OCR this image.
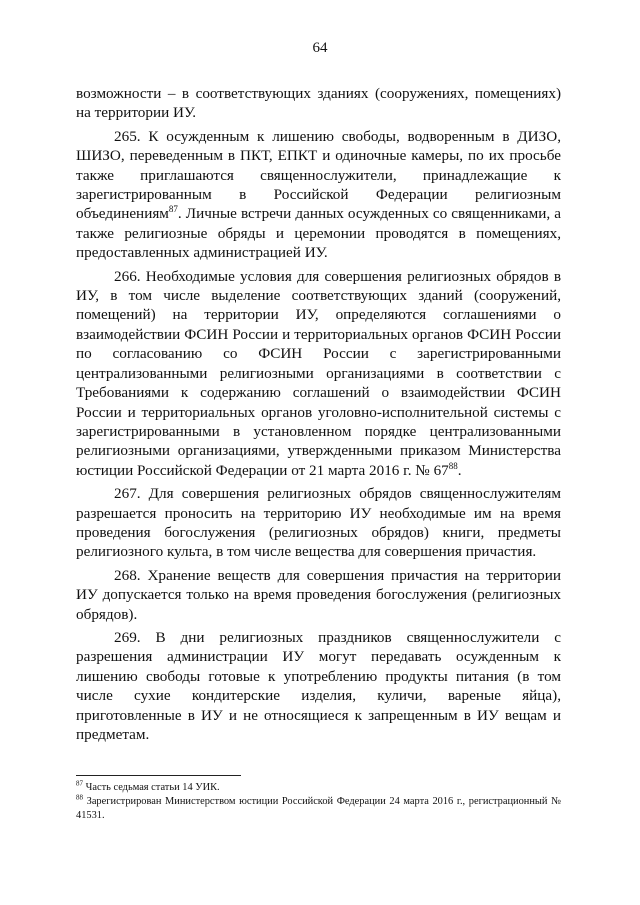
64

возможности – в соответствующих зданиях (сооружениях, помещениях) на территории ИУ.

265. К осужденным к лишению свободы, водворенным в ДИЗО, ШИЗО, переведенным в ПКТ, ЕПКТ и одиночные камеры, по их просьбе также приглашаются священнослужители, принадлежащие к зарегистрированным в Российской Федерации религиозным объединениям$^{87}$. Личные встречи данных осужденных со священниками, а также религиозные обряды и церемонии проводятся в помещениях, предоставленных администрацией ИУ.

266. Необходимые условия для совершения религиозных обрядов в ИУ, в том числе выделение соответствующих зданий (сооружений, помещений) на территории ИУ, определяются соглашениями о взаимодействии ФСИН России и территориальных органов ФСИН России по согласованию со ФСИН России с зарегистрированными централизованными религиозными организациями в соответствии с Требованиями к содержанию соглашений о взаимодействии ФСИН России и территориальных органов уголовно-исполнительной системы с зарегистрированными в установленном порядке централизованными религиозными организациями, утвержденными приказом Министерства юстиции Российской Федерации от 21 марта 2016 г. № $67^{88}$.

267. Для совершения религиозных обрядов священнослужителям разрешается проносить на территорию ИУ необходимые им на время проведения богослужения (религиозных обрядов) книги, предметы религиозного культа, в том числе вещества для совершения причастия.

268. Хранение веществ для совершения причастия на территории ИУ допускается только на время проведения богослужения (религиозных обрядов).

269. В дни религиозных праздников священнослужители с разрешения администрации ИУ могут передавать осужденным к лишению свободы готовые к употреблению продукты питания (в том числе сухие кондитерские изделия, куличи, вареные яйца), приготовленные в ИУ и не относящиеся к запрещенным в ИУ вещам и предметам.

$^{87}$ Часть седьмая статьи 14 УИК.

$^{88}$ Зарегистрирован Министерством юстиции Российской Федерации 24 марта 2016 г., регистрационный № 41531.
